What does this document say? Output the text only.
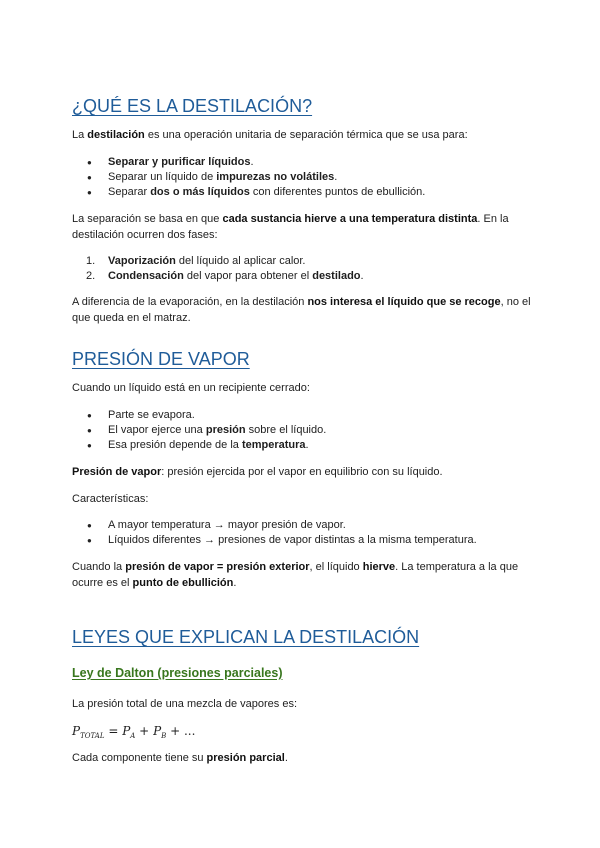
¿QUÉ ES LA DESTILACIÓN?

La destilación es una operación unitaria de separación térmica que se usa para:

● Separar y purificar líquidos.
● Separar un líquido de impurezas no volátiles.
● Separar dos o más líquidos con diferentes puntos de ebullición.

La separación se basa en que cada sustancia hierve a una temperatura distinta. En la destilación ocurren dos fases:

1. Vaporización del líquido al aplicar calor.
2. Condensación del vapor para obtener el destilado.

A diferencia de la evaporación, en la destilación nos interesa el líquido que se recoge, no el que queda en el matraz.

PRESIÓN DE VAPOR

Cuando un líquido está en un recipiente cerrado:

● Parte se evapora.
● El vapor ejerce una presión sobre el líquido.
● Esa presión depende de la temperatura.

Presión de vapor: presión ejercida por el vapor en equilibrio con su líquido.

Características:

● A mayor temperatura → mayor presión de vapor.
● Líquidos diferentes → presiones de vapor distintas a la misma temperatura.

Cuando la presión de vapor = presión exterior, el líquido hierve. La temperatura a la que ocurre es el punto de ebullición.

LEYES QUE EXPLICAN LA DESTILACIÓN
Ley de Dalton (presiones parciales)

La presión total de una mezcla de vapores es:

$P_{TOTAL} = P_A + P_B$ + ...

Cada componente tiene su presión parcial.
